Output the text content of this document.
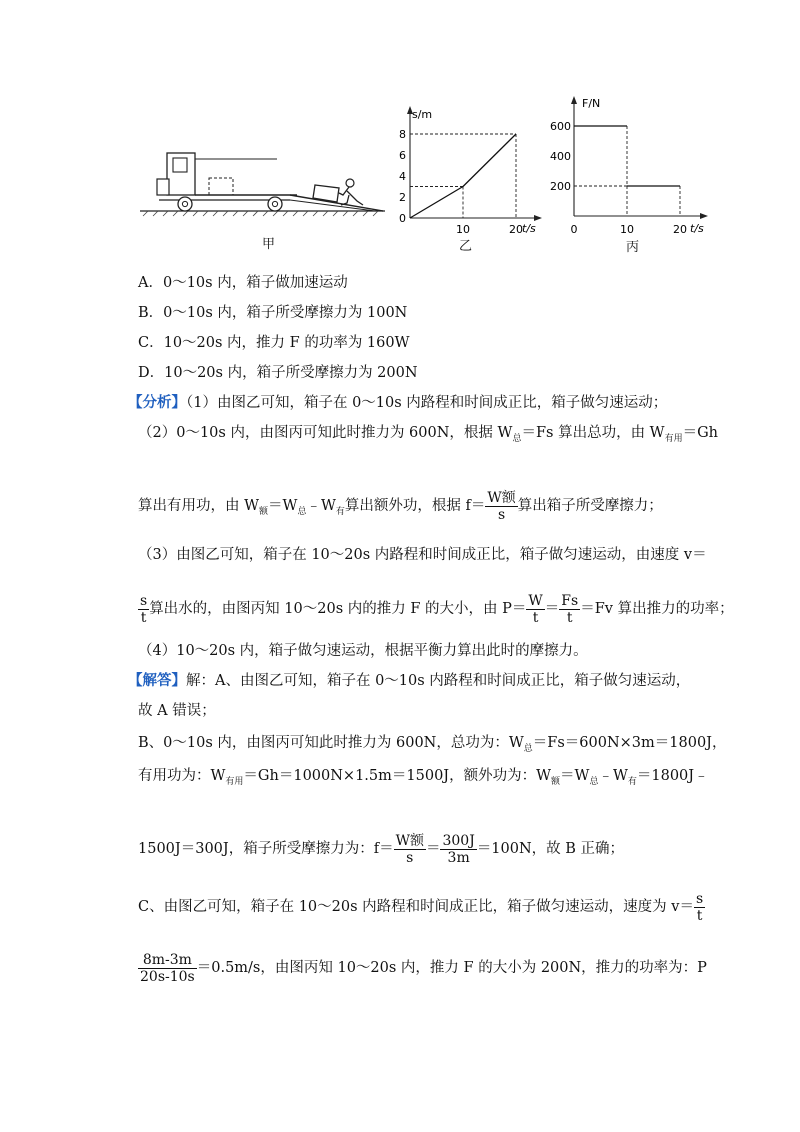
甲
s/m
t/s
0
2
4
6
8
10	20
乙
F/N
t/s
200
400
600
0	10	20
丙
A．0～10s 内，箱子做加速运动
B．0～10s 内，箱子所受摩擦力为 100N
C．10～20s 内，推力 F 的功率为 160W
D．10～20s 内，箱子所受摩擦力为 200N
【分析】（1）由图乙可知，箱子在 0～10s 内路程和时间成正比，箱子做匀速运动；
（2）0～10s 内，由图丙可知此时推力为 600N，根据 $W_总=Fs$ 算出总功，由 $W_{有用}=Gh$
算出有用功，由 $W_额=W_总﹣W_有$算出额外功，根据 $f= \frac{\text{W额}}{s}$ 算出箱子所受摩擦力；
（3）由图乙可知，箱子在 10～20s 内路程和时间成正比，箱子做匀速运动，由速度 v＝
$\frac{s}{t}$ 算出水的，由图丙知 10～20s 内的推力 F 的大小，由 $P= \frac{W}{t} = \frac{Fs}{t} =Fv$ 算出推力的功率；
（4）10～20s 内，箱子做匀速运动，根据平衡力算出此时的摩擦力。
【解答】解：A、由图乙可知，箱子在 0～10s 内路程和时间成正比，箱子做匀速运动，
故 A 错误；
B、0～10s 内，由图丙可知此时推力为 600N，总功为：$W_总=Fs=600N\times 3m=1800J$，
有用功为：$W_{有用}=Gh=1000N\times 1.5m=1500J$，额外功为：$W_额=W_总﹣W_有=1800J﹣$
1500J＝300J，箱子所受摩擦力为：$f= \frac{\text{W额}}{s} = \frac{300J}{3m} =100N$，故 B 正确；
C、由图乙可知，箱子在 10～20s 内路程和时间成正比，箱子做匀速运动，速度为 $v= \frac{s}{t}$
$\frac{8m-3m}{20s-10s} =0.5m/s$，由图丙知 10～20s 内，推力 F 的大小为 200N，推力的功率为：P
